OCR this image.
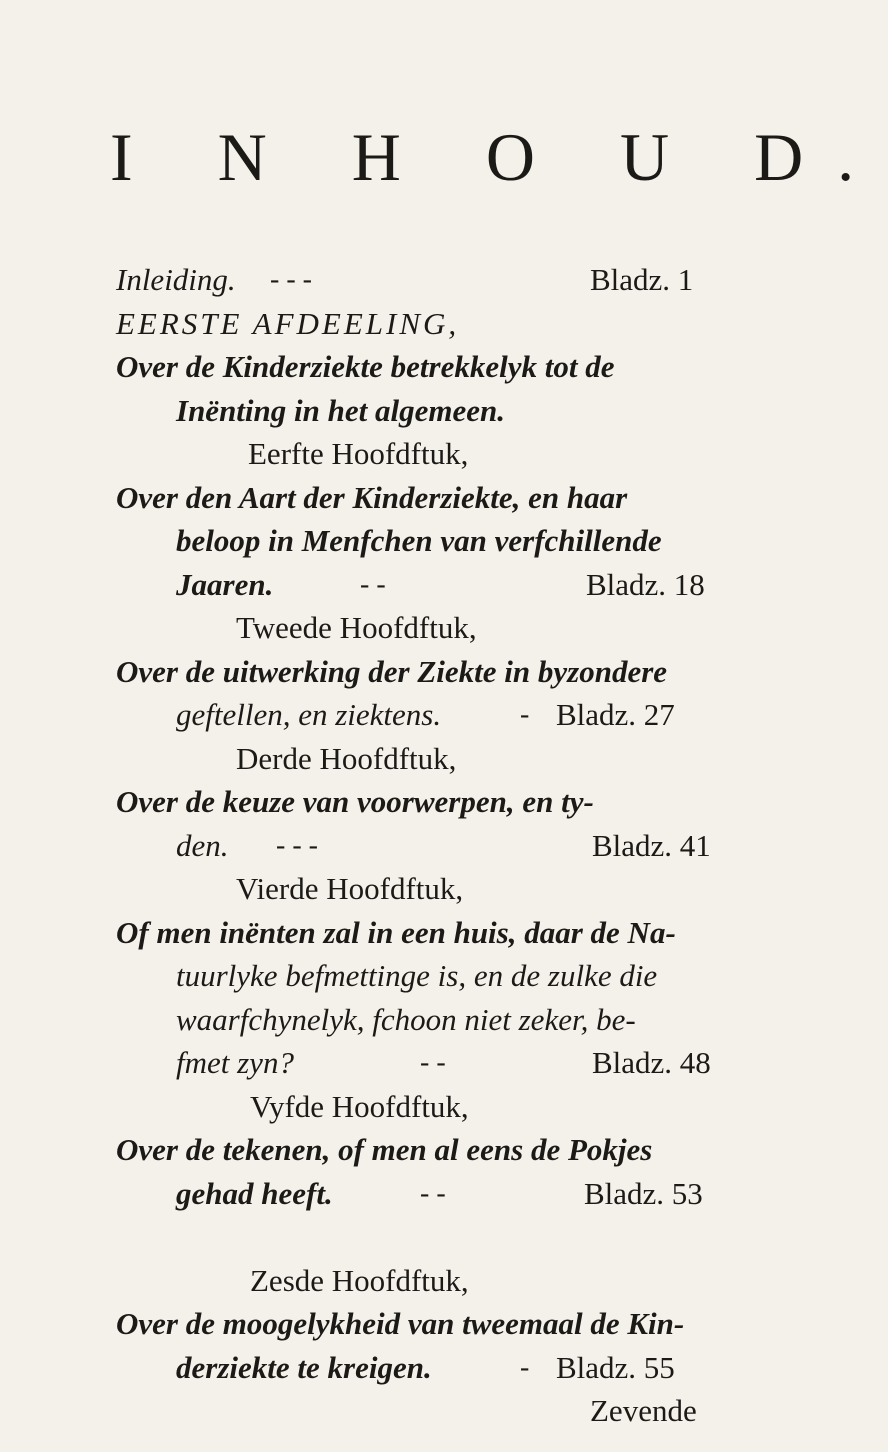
I N H O U D.
Inleiding. - - -	Bladz. 1
EERSTE AFDEELING,
Over de Kinderziekte betrekkelyk tot de
Inënting in het algemeen.
Eerfte Hoofdftuk,
Over den Aart der Kinderziekte, en haar
beloop in Menfchen van verfchillende
Jaaren.	- -	Bladz. 18
Tweede Hoofdftuk,
Over de uitwerking der Ziekte in byzondere
geftellen, en ziektens.	- Bladz. 27
Derde Hoofdftuk,
Over de keuze van voorwerpen, en ty-
den. - - -	Bladz. 41
Vierde Hoofdftuk,
Of men inënten zal in een huis, daar de Na-
tuurlyke befmettinge is, en de zulke die
waarfchynelyk, fchoon niet zeker, be-
fmet zyn?	- -	Bladz. 48
Vyfde Hoofdftuk,
Over de tekenen, of men al eens de Pokjes
gehad heeft.	- -	Bladz. 53
Zesde Hoofdftuk,
Over de moogelykheid van tweemaal de Kin-
derziekte te kreigen.	- Bladz. 55
Zevende
